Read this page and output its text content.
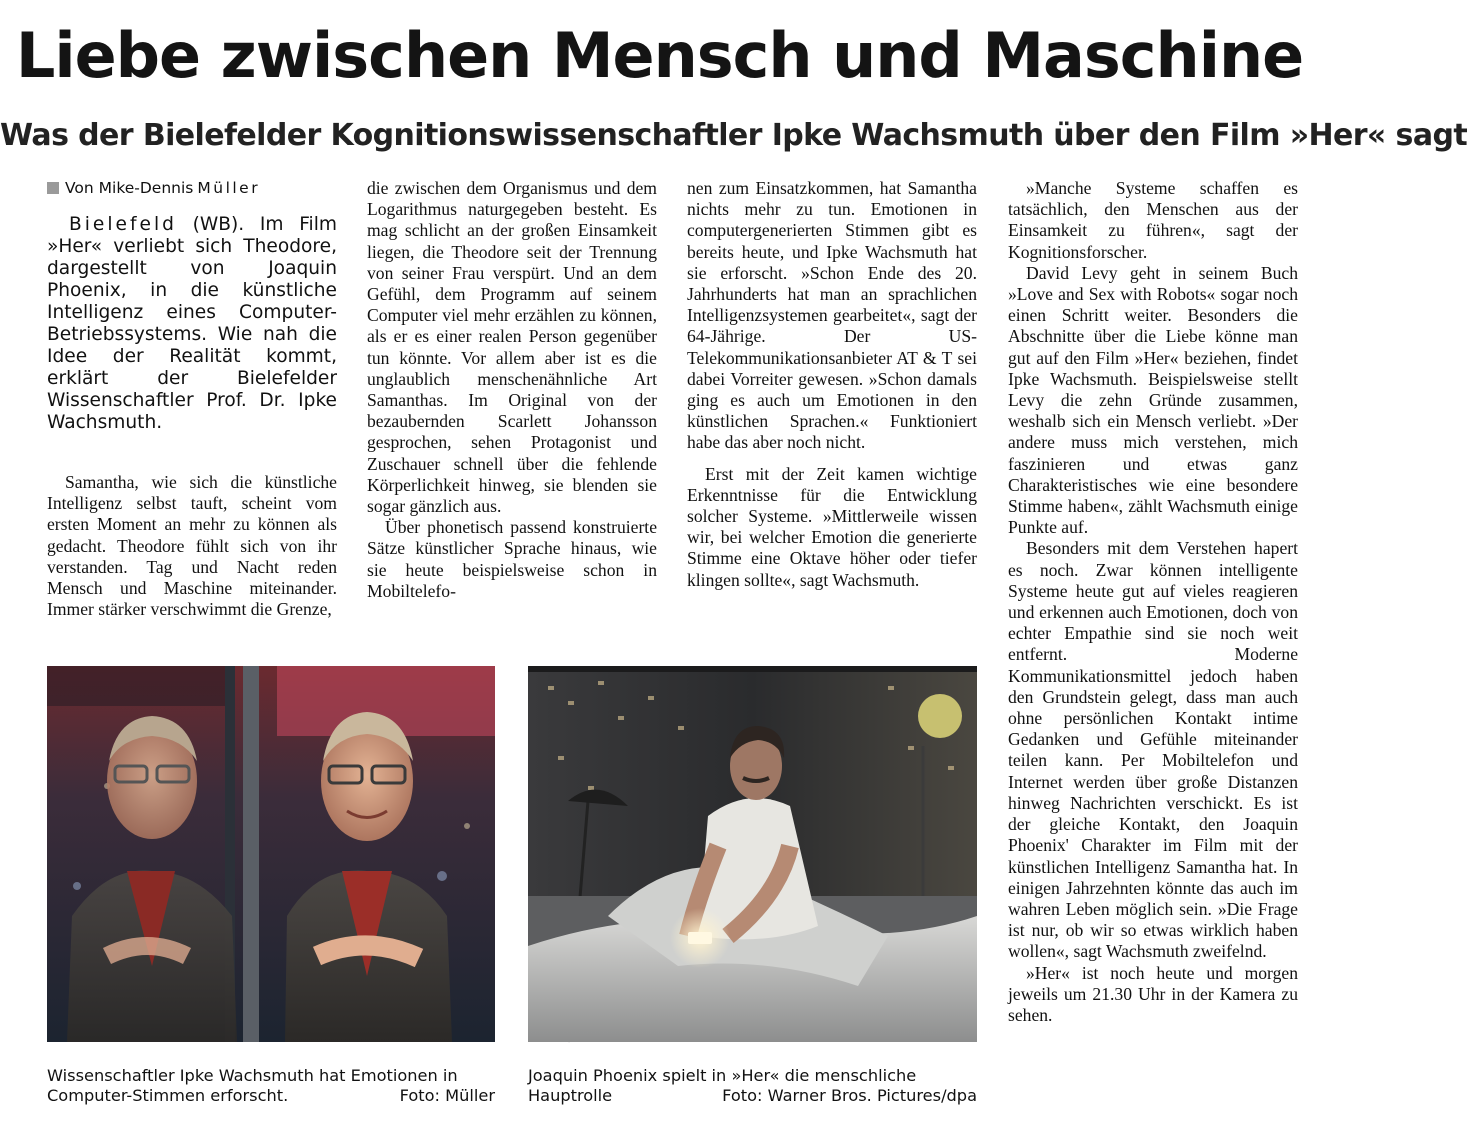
Liebe zwischen Mensch und Maschine
Was der Bielefelder Kognitionswissenschaftler Ipke Wachsmuth über den Film »Her« sagt
Von Mike-Dennis Müller
Bielefeld (WB). Im Film »Her« verliebt sich Theodore, dargestellt von Joaquin Phoenix, in die künstliche Intelligenz eines Computer-Betriebssystems. Wie nah die Idee der Realität kommt, erklärt der Bielefelder Wissenschaftler Prof. Dr. Ipke Wachsmuth.

Samantha, wie sich die künstliche Intelligenz selbst tauft, scheint vom ersten Moment an mehr zu können als gedacht. Theodore fühlt sich von ihr verstanden. Tag und Nacht reden Mensch und Maschine miteinander. Immer stärker verschwimmt die Grenze,

die zwischen dem Organismus und dem Logarithmus naturgegeben besteht. Es mag schlicht an der großen Einsamkeit liegen, die Theodore seit der Trennung von seiner Frau verspürt. Und an dem Gefühl, dem Programm auf seinem Computer viel mehr erzählen zu können, als er es einer realen Person gegenüber tun könnte. Vor allem aber ist es die unglaublich menschenähnliche Art Samanthas. Im Original von der bezaubernden Scarlett Johansson gesprochen, sehen Protagonist und Zuschauer schnell über die fehlende Körperlichkeit hinweg, sie blenden sie sogar gänzlich aus.

Über phonetisch passend konstruierte Sätze künstlicher Sprache hinaus, wie sie heute beispielsweise schon in Mobiltelefo-

nen zum Einsatzkommen, hat Samantha nichts mehr zu tun. Emotionen in computergenerierten Stimmen gibt es bereits heute, und Ipke Wachsmuth hat sie erforscht. »Schon Ende des 20. Jahrhunderts hat man an sprachlichen Intelligenzsystemen gearbeitet«, sagt der 64-Jährige. Der US-Telekommunikationsanbieter AT & T sei dabei Vorreiter gewesen. »Schon damals ging es auch um Emotionen in den künstlichen Sprachen.« Funktioniert habe das aber noch nicht.

Erst mit der Zeit kamen wichtige Erkenntnisse für die Entwicklung solcher Systeme. »Mittlerweile wissen wir, bei welcher Emotion die generierte Stimme eine Oktave höher oder tiefer klingen sollte«, sagt Wachsmuth.

»Manche Systeme schaffen es tatsächlich, den Menschen aus der Einsamkeit zu führen«, sagt der Kognitionsforscher.

David Levy geht in seinem Buch »Love and Sex with Robots« sogar noch einen Schritt weiter. Besonders die Abschnitte über die Liebe könne man gut auf den Film »Her« beziehen, findet Ipke Wachsmuth. Beispielsweise stellt Levy die zehn Gründe zusammen, weshalb sich ein Mensch verliebt. »Der andere muss mich verstehen, mich faszinieren und etwas ganz Charakteristisches wie eine besondere Stimme haben«, zählt Wachsmuth einige Punkte auf.

Besonders mit dem Verstehen hapert es noch. Zwar können intelligente Systeme heute gut auf vieles reagieren und erkennen auch Emotionen, doch von echter Empathie sind sie noch weit entfernt. Moderne Kommunikationsmittel jedoch haben den Grundstein gelegt, dass man auch ohne persönlichen Kontakt intime Gedanken und Gefühle miteinander teilen kann. Per Mobiltelefon und Internet werden über große Distanzen hinweg Nachrichten verschickt. Es ist der gleiche Kontakt, den Joaquin Phoenix' Charakter im Film mit der künstlichen Intelligenz Samantha hat. In einigen Jahrzehnten könnte das auch im wahren Leben möglich sein. »Die Frage ist nur, ob wir so etwas wirklich haben wollen«, sagt Wachsmuth zweifelnd.

»Her« ist noch heute und morgen jeweils um 21.30 Uhr in der Kamera zu sehen.

Wissenschaftler Ipke Wachsmuth hat Emotionen in
Computer-Stimmen erforscht.	Foto: Müller
Joaquin Phoenix spielt in »Her« die menschliche
Hauptrolle	Foto: Warner Bros. Pictures/dpa
